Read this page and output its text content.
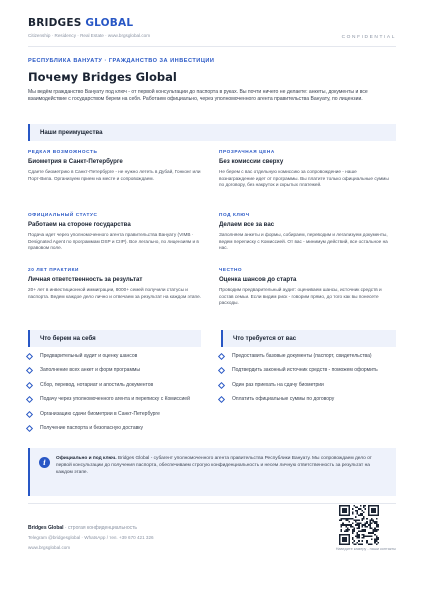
BRIDGES GLOBAL
Citizenship · Residency · Real Estate · www.brgsglobal.com	CONFIDENTIAL
РЕСПУБЛИКА ВАНУАТУ · ГРАЖДАНСТВО ЗА ИНВЕСТИЦИИ
Почему Bridges Global
Мы ведём гражданство Вануату под ключ - от первой консультации до паспорта в руках. Вы почти ничего не делаете: анкеты, документы и все взаимодействие с государством берем на себя. Работаем официально, через уполномоченного агента правительства Вануату, по лицензии.
Наши преимущества
РЕДКАЯ ВОЗМОЖНОСТЬ
Биометрия в Санкт-Петербурге
Сдаете биометрию в Санкт-Петербурге - не нужно лететь в Дубай, Гонконг или Порт-Вила. Организуем прием на месте и сопровождаем.
ПРОЗРАЧНАЯ ЦЕНА
Без комиссии сверху
Не берем с вас отдельную комиссию за сопровождение - наше вознаграждение идет от программы. Вы платите только официальные суммы по договору, без накруток и скрытых платежей.
ОФИЦИАЛЬНЫЙ СТАТУС
Работаем на стороне государства
Подача идет через уполномоченного агента правительства Вануату (VIMB · Designated Agent по программам DSP и CIIP). Все легально, по лицензиям и в правовом поле.
ПОД КЛЮЧ
Делаем все за вас
Заполняем анкеты и формы, собираем, переводим и легализуем документы, ведем переписку с Комиссией. От вас - минимум действий, все остальное на нас.
20 ЛЕТ ПРАКТИКИ
Личная ответственность за результат
20+ лет в инвестиционной иммиграции, 8000+ семей получили статусы и паспорта. Ведем каждое дело лично и отвечаем за результат на каждом этапе.
ЧЕСТНО
Оценка шансов до старта
Проводим предварительный аудит: оцениваем шансы, источник средств и состав семьи. Если видим риск - говорим прямо, до того как вы понесете расходы.
Что берем на себя	Что требуется от вас
Предварительный аудит и оценку шансов
Заполнение всех анкет и форм программы
Сбор, перевод, нотариат и апостиль документов
Подачу через уполномоченного агента и переписку с Комиссией
Организацию сдачи биометрии в Санкт-Петербурге
Получение паспорта и безопасную доставку
Предоставить базовые документы (паспорт, свидетельства)
Подтвердить законный источник средств - поможем оформить
Один раз приехать на сдачу биометрии
Оплатить официальные суммы по договору
i	Официально и под ключ. Bridges Global - субагент уполномоченного агента правительства Республики Вануату. Мы сопровождаем дело от первой консультации до получения паспорта, обеспечиваем строгую конфиденциальность и несем личную ответственность за результат на каждом этапе.
Bridges Global · строгая конфиденциальность
Telegram @bridgesglobal · WhatsApp / тел. +39 670 421 326
www.brgsglobal.com	Наведите камеру - наши контакты
